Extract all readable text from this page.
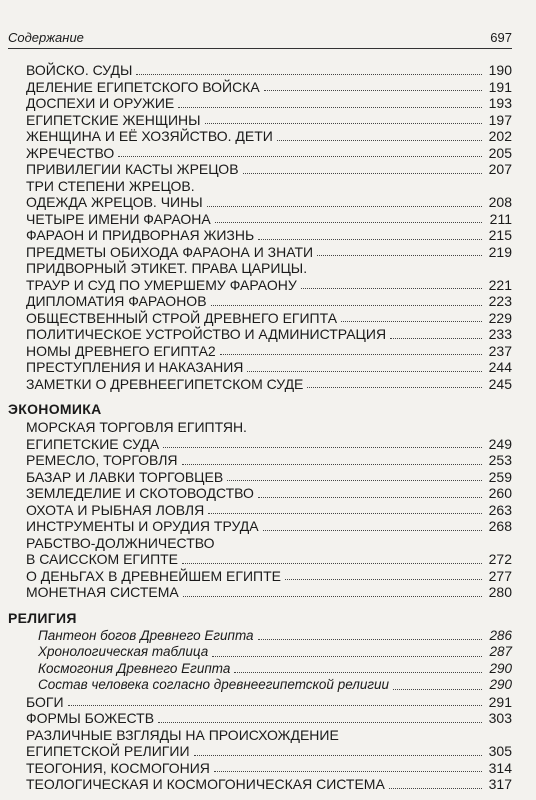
Содержание	697
ВОЙСКО. СУДЫ	190
ДЕЛЕНИЕ ЕГИПЕТСКОГО ВОЙСКА	191
ДОСПЕХИ И ОРУЖИЕ	193
ЕГИПЕТСКИЕ ЖЕНЩИНЫ	197
ЖЕНЩИНА И ЕЁ ХОЗЯЙСТВО. ДЕТИ	202
ЖРЕЧЕСТВО	205
ПРИВИЛЕГИИ КАСТЫ ЖРЕЦОВ	207
ТРИ СТЕПЕНИ ЖРЕЦОВ.
ОДЕЖДА ЖРЕЦОВ. ЧИНЫ	208
ЧЕТЫРЕ ИМЕНИ ФАРАОНА	211
ФАРАОН И ПРИДВОРНАЯ ЖИЗНЬ	215
ПРЕДМЕТЫ ОБИХОДА ФАРАОНА И ЗНАТИ	219
ПРИДВОРНЫЙ ЭТИКЕТ. ПРАВА ЦАРИЦЫ.
ТРАУР И СУД ПО УМЕРШЕМУ ФАРАОНУ	221
ДИПЛОМАТИЯ ФАРАОНОВ	223
ОБЩЕСТВЕННЫЙ СТРОЙ ДРЕВНЕГО ЕГИПТА	229
ПОЛИТИЧЕСКОЕ УСТРОЙСТВО И АДМИНИСТРАЦИЯ	233
НОМЫ ДРЕВНЕГО ЕГИПТА2	237
ПРЕСТУПЛЕНИЯ И НАКАЗАНИЯ	244
ЗАМЕТКИ О ДРЕВНЕЕГИПЕТСКОМ СУДЕ	245
ЭКОНОМИКА
МОРСКАЯ ТОРГОВЛЯ ЕГИПТЯН.
ЕГИПЕТСКИЕ СУДА	249
РЕМЕСЛО, ТОРГОВЛЯ	253
БАЗАР И ЛАВКИ ТОРГОВЦЕВ	259
ЗЕМЛЕДЕЛИЕ И СКОТОВОДСТВО	260
ОХОТА И РЫБНАЯ ЛОВЛЯ	263
ИНСТРУМЕНТЫ И ОРУДИЯ ТРУДА	268
РАБСТВО-ДОЛЖНИЧЕСТВО
В САИССКОМ ЕГИПТЕ	272
О ДЕНЬГАХ В ДРЕВНЕЙШЕМ ЕГИПТЕ	277
МОНЕТНАЯ СИСТЕМА	280
РЕЛИГИЯ
Пантеон богов Древнего Египта	286
Хронологическая таблица	287
Космогония Древнего Египта	290
Состав человека согласно древнеегипетской религии	290
БОГИ	291
ФОРМЫ БОЖЕСТВ	303
РАЗЛИЧНЫЕ ВЗГЛЯДЫ НА ПРОИСХОЖДЕНИЕ
ЕГИПЕТСКОЙ РЕЛИГИИ	305
ТЕОГОНИЯ, КОСМОГОНИЯ	314
ТЕОЛОГИЧЕСКАЯ И КОСМОГОНИЧЕСКАЯ СИСТЕМА	317
